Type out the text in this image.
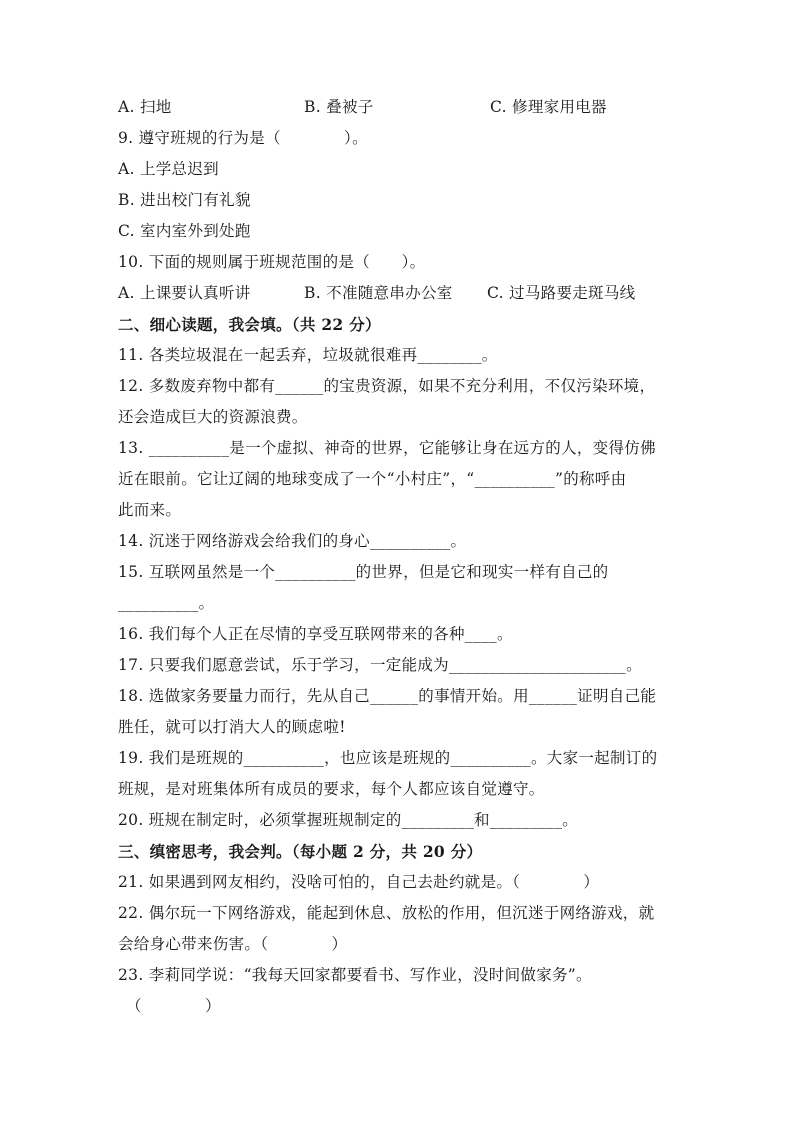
A. 扫地	B. 叠被子	C. 修理家用电器
9. 遵守班规的行为是（　　　　）。
A. 上学总迟到
B. 进出校门有礼貌
C. 室内室外到处跑
10. 下面的规则属于班规范围的是（　　）。
A. 上课要认真听讲	B. 不准随意串办公室	C. 过马路要走斑马线
二、细心读题，我会填。（共 22 分）
11. 各类垃圾混在一起丢弃，垃圾就很难再________。
12. 多数废弃物中都有______的宝贵资源，如果不充分利用，不仅污染环境，
还会造成巨大的资源浪费。
13. __________是一个虚拟、神奇的世界，它能够让身在远方的人，变得仿佛
近在眼前。它让辽阔的地球变成了一个“小村庄”，“__________”的称呼由
此而来。
14. 沉迷于网络游戏会给我们的身心__________。
15. 互联网虽然是一个__________的世界，但是它和现实一样有自己的
__________。
16. 我们每个人正在尽情的享受互联网带来的各种____。
17. 只要我们愿意尝试，乐于学习，一定能成为______________________。
18. 选做家务要量力而行，先从自己______的事情开始。用______证明自己能
胜任，就可以打消大人的顾虑啦!
19. 我们是班规的__________，也应该是班规的__________。大家一起制订的
班规，是对班集体所有成员的要求，每个人都应该自觉遵守。
20. 班规在制定时，必须掌握班规制定的_________和_________。
三、缜密思考，我会判。（每小题 2 分，共 20 分）
21. 如果遇到网友相约，没啥可怕的，自己去赴约就是。（　　　　）
22. 偶尔玩一下网络游戏，能起到休息、放松的作用，但沉迷于网络游戏，就
会给身心带来伤害。（　　　　）
23. 李莉同学说：“我每天回家都要看书、写作业，没时间做家务”。
（　　　　）
